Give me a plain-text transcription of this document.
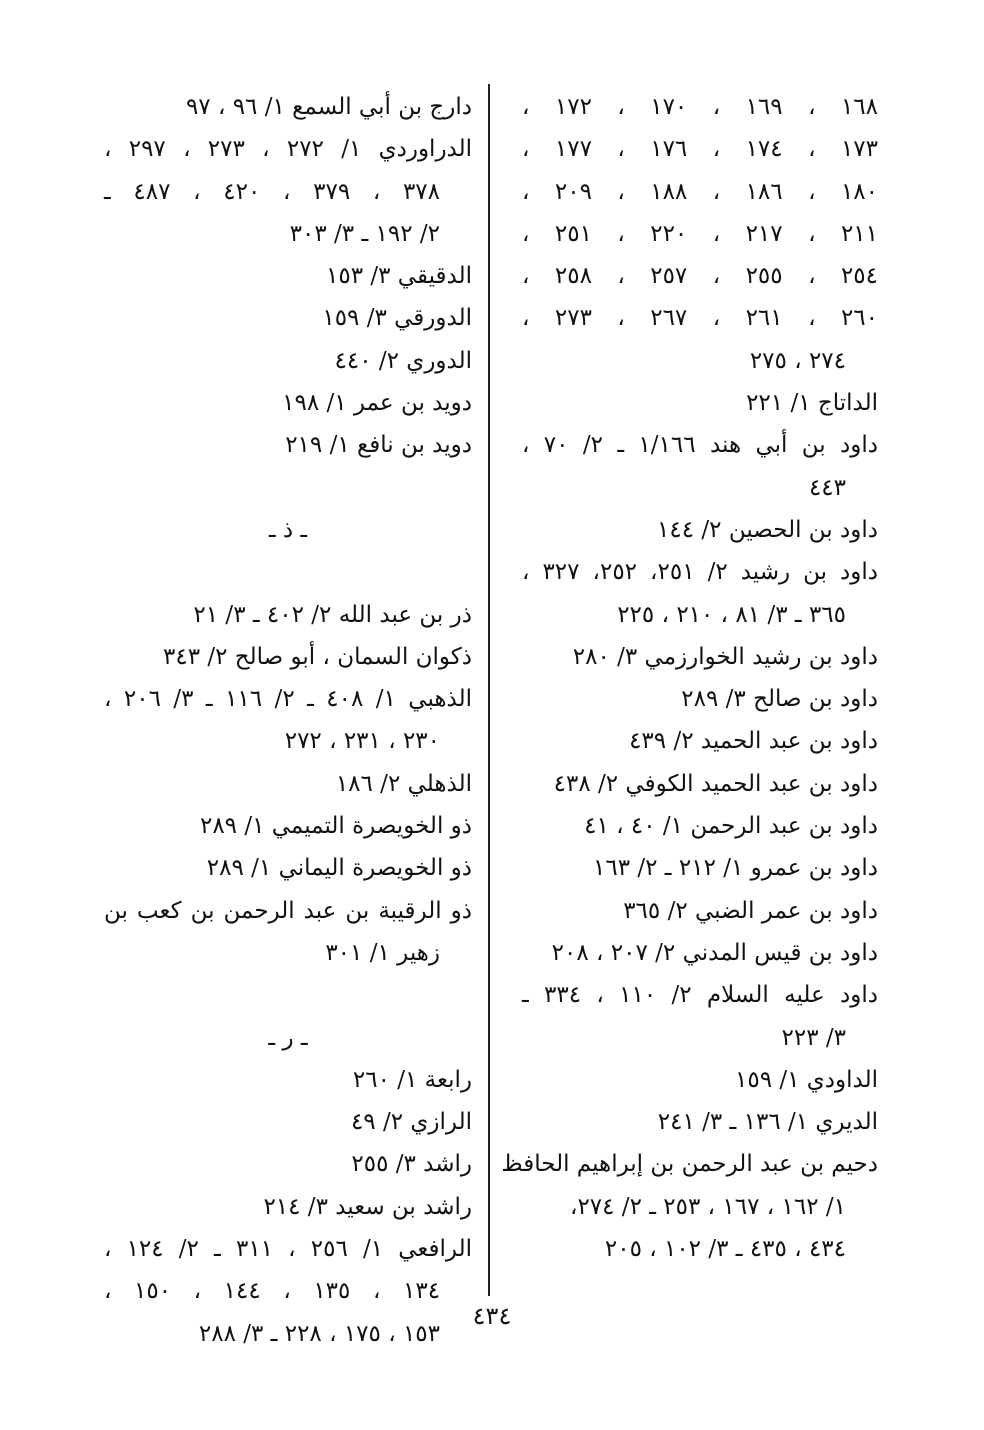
١٦٨ ، ١٦٩ ، ١٧٠ ، ١٧٢ ،
١٧٣ ، ١٧٤ ، ١٧٦ ، ١٧٧ ،
١٨٠ ، ١٨٦ ، ١٨٨ ، ٢٠٩ ،
٢١١ ، ٢١٧ ، ٢٢٠ ، ٢٥١ ،
٢٥٤ ، ٢٥٥ ، ٢٥٧ ، ٢٥٨ ،
٢٦٠ ، ٢٦١ ، ٢٦٧ ، ٢٧٣ ،
٢٧٤ ، ٢٧٥
الداتاج ١/ ٢٢١
داود بن أبي هند ١/١٦٦ ـ ٢/ ٧٠ ،
٤٤٣
داود بن الحصين ٢/ ١٤٤
داود بن رشيد ٢/ ٢٥١، ٢٥٢، ٣٢٧ ،
٣٦٥ ـ ٣/ ٨١ ، ٢١٠ ، ٢٢٥
داود بن رشيد الخوارزمي ٣/ ٢٨٠
داود بن صالح ٣/ ٢٨٩
داود بن عبد الحميد ٢/ ٤٣٩
داود بن عبد الحميد الكوفي ٢/ ٤٣٨
داود بن عبد الرحمن ١/ ٤٠ ، ٤١
داود بن عمرو ١/ ٢١٢ ـ ٢/ ١٦٣
داود بن عمر الضبي ٢/ ٣٦٥
داود بن قيس المدني ٢/ ٢٠٧ ، ٢٠٨
داود عليه السلام ٢/ ١١٠ ، ٣٣٤ ـ
٣/ ٢٢٣
الداودي ١/ ١٥٩
الديري ١/ ١٣٦ ـ ٣/ ٢٤١
دحيم بن عبد الرحمن بن إبراهيم الحافظ
١/ ١٦٢ ، ١٦٧ ، ٢٥٣ ـ ٢/ ٢٧٤،
٤٣٤ ، ٤٣٥ ـ ٣/ ١٠٢ ، ٢٠٥
دارج بن أبي السمع ١/ ٩٦ ، ٩٧
الدراوردي ١/ ٢٧٢ ، ٢٧٣ ، ٢٩٧ ،
٣٧٨ ، ٣٧٩ ، ٤٢٠ ، ٤٨٧ ـ
٢/ ١٩٢ ـ ٣/ ٣٠٣
الدقيقي ٣/ ١٥٣
الدورقي ٣/ ١٥٩
الدوري ٢/ ٤٤٠
دويد بن عمر ١/ ١٩٨
دويد بن نافع ١/ ٢١٩
ـ ذ ـ
ذر بن عبد الله ٢/ ٤٠٢ ـ ٣/ ٢١
ذكوان السمان ، أبو صالح ٢/ ٣٤٣
الذهبي ١/ ٤٠٨ ـ ٢/ ١١٦ ـ ٣/ ٢٠٦ ،
٢٣٠ ، ٢٣١ ، ٢٧٢
الذهلي ٢/ ١٨٦
ذو الخويصرة التميمي ١/ ٢٨٩
ذو الخويصرة اليماني ١/ ٢٨٩
ذو الرقيبة بن عبد الرحمن بن كعب بن
زهير ١/ ٣٠١
ـ ر ـ
رابعة ١/ ٢٦٠
الرازي ٢/ ٤٩
راشد ٣/ ٢٥٥
راشد بن سعيد ٣/ ٢١٤
الرافعي ١/ ٢٥٦ ، ٣١١ ـ ٢/ ١٢٤ ،
١٣٤ ، ١٣٥ ، ١٤٤ ، ١٥٠ ،
١٥٣ ، ١٧٥ ، ٢٢٨ ـ ٣/ ٢٨٨
٤٣٤
